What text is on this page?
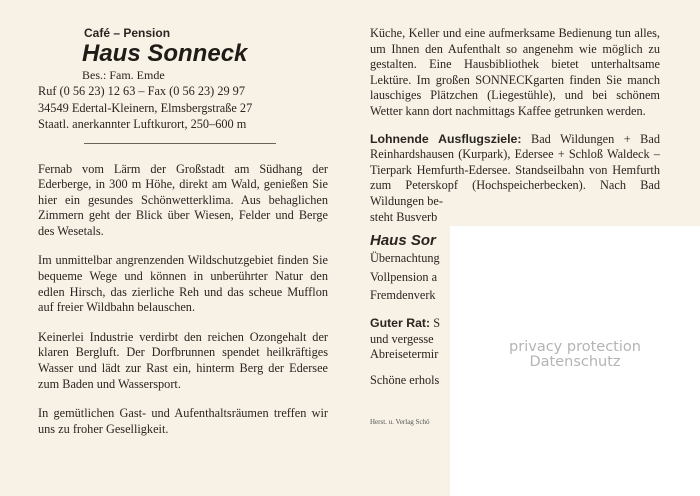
Café – Pension
Haus Sonneck
Bes.: Fam. Emde
Ruf (0 56 23) 12 63 – Fax (0 56 23) 29 97
34549 Edertal-Kleinern, Elmsbergstraße 27
Staatl. anerkannter Luftkurort, 250–600 m

Fernab vom Lärm der Großstadt am Südhang der Ederberge, in 300 m Höhe, direkt am Wald, genießen Sie hier ein gesundes Schönwetterklima. Aus behaglichen Zimmern geht der Blick über Wiesen, Felder und Berge des Wesetals.

Im unmittelbar angrenzenden Wildschutzgebiet finden Sie bequeme Wege und können in unberührter Natur den edlen Hirsch, das zierliche Reh und das scheue Mufflon auf freier Wildbahn belauschen.

Keinerlei Industrie verdirbt den reichen Ozongehalt der klaren Bergluft. Der Dorfbrunnen spendet heilkräftiges Wasser und lädt zur Rast ein, hinterm Berg der Edersee zum Baden und Wassersport.

In gemütlichen Gast- und Aufenthaltsräumen treffen wir uns zu froher Geselligkeit.

Küche, Keller und eine aufmerksame Bedienung tun alles, um Ihnen den Aufenthalt so angenehm wie möglich zu gestalten. Eine Hausbibliothek bietet unterhaltsame Lektüre. Im großen SONNECKgarten finden Sie manch lauschiges Plätzchen (Liegestühle), und bei schönem Wetter kann dort nachmittags Kaffee getrunken werden.

Lohnende Ausflugsziele: Bad Wildungen + Bad Reinhardshausen (Kurpark), Edersee + Schloß Waldeck – Tierpark Hemfurth-Edersee. Standseilbahn von Hemfurth zum Peterskopf (Hochspeicherbecken). Nach Bad Wildungen be-

steht Busverb
Haus Sor
Übernachtung
Vollpension a
Fremdenverk
Guter Rat: S
und vergesse
Abreisetermir
Schöne erhols
Herst. u. Verlag Schö
privacy protection
Datenschutz
